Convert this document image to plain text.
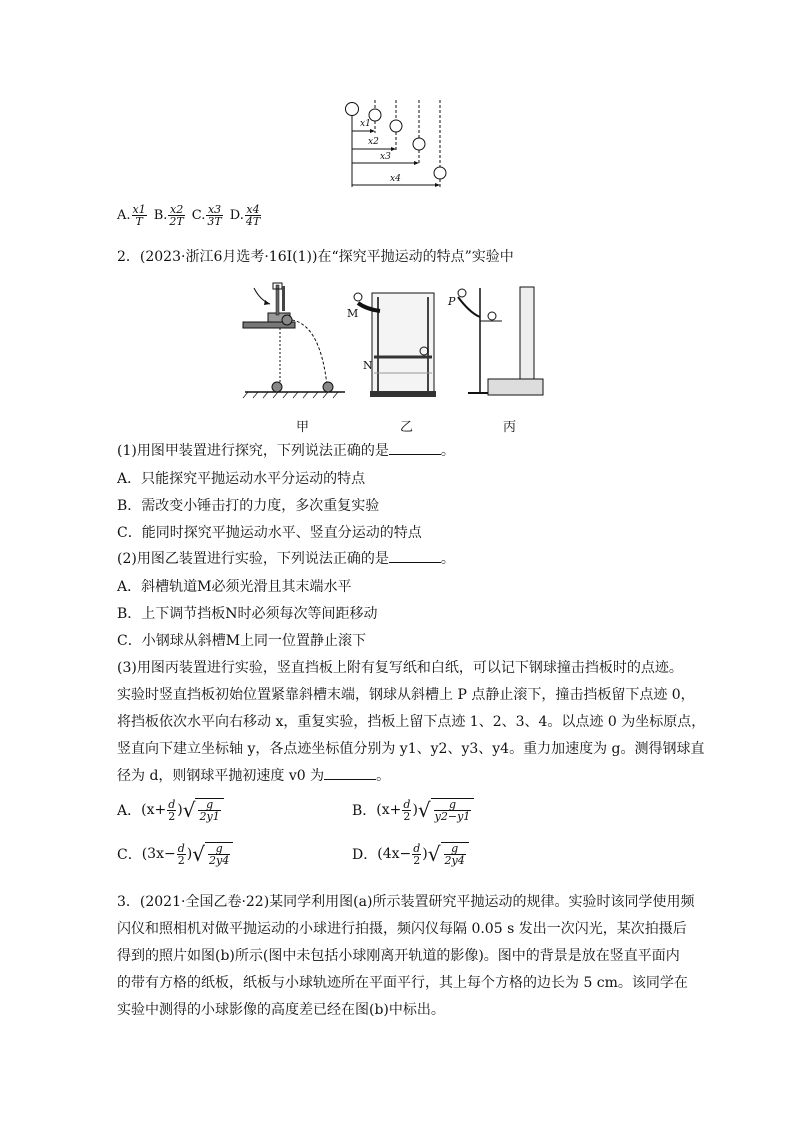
x1
x2
x3
x4
A. $\frac{x1}{T} B$. $\frac{x2}{2T} C$. $\frac{x3}{3T} D$. $\frac{x4}{4T}$
2．(2023·浙江6月选考·16Ⅰ(1))在“探究平抛运动的特点”实验中
M
N
P
甲	乙	丙
(1)用图甲装置进行探究，下列说法正确的是	。
A．只能探究平抛运动水平分运动的特点
B．需改变小锤击打的力度，多次重复实验
C．能同时探究平抛运动水平、竖直分运动的特点
(2)用图乙装置进行实验，下列说法正确的是	。
A．斜槽轨道M必须光滑且其末端水平
B．上下调节挡板N时必须每次等间距移动
C．小钢球从斜槽M上同一位置静止滚下
(3)用图丙装置进行实验，竖直挡板上附有复写纸和白纸，可以记下钢球撞击挡板时的点迹。
实验时竖直挡板初始位置紧靠斜槽末端，钢球从斜槽上 P 点静止滚下，撞击挡板留下点迹 0，
将挡板依次水平向右移动 x，重复实验，挡板上留下点迹 1、2、3、4。以点迹 0 为坐标原点，
竖直向下建立坐标轴 y，各点迹坐标值分别为 y1、y2、y3、y4。重力加速度为 g。测得钢球直
径为 d，则钢球平抛初速度 v0 为	。
A． ($x+ \frac{d}{2}$ ) √ $\frac{g}{2y1}$	B． ($x+ \frac{d}{2}$ ) √ $\frac{g}{y2-y1}$
C． ($3x- \frac{d}{2}$ ) √ $\frac{g}{2y4}$	D． ($4x- \frac{d}{2}$ ) √ $\frac{g}{2y4}$
3．(2021·全国乙卷·22)某同学利用图(a)所示装置研究平抛运动的规律。实验时该同学使用频
闪仪和照相机对做平抛运动的小球进行拍摄，频闪仪每隔 0.05 s 发出一次闪光，某次拍摄后
得到的照片如图(b)所示(图中未包括小球刚离开轨道的影像)。图中的背景是放在竖直平面内
的带有方格的纸板，纸板与小球轨迹所在平面平行，其上每个方格的边长为 5 cm。该同学在
实验中测得的小球影像的高度差已经在图(b)中标出。
